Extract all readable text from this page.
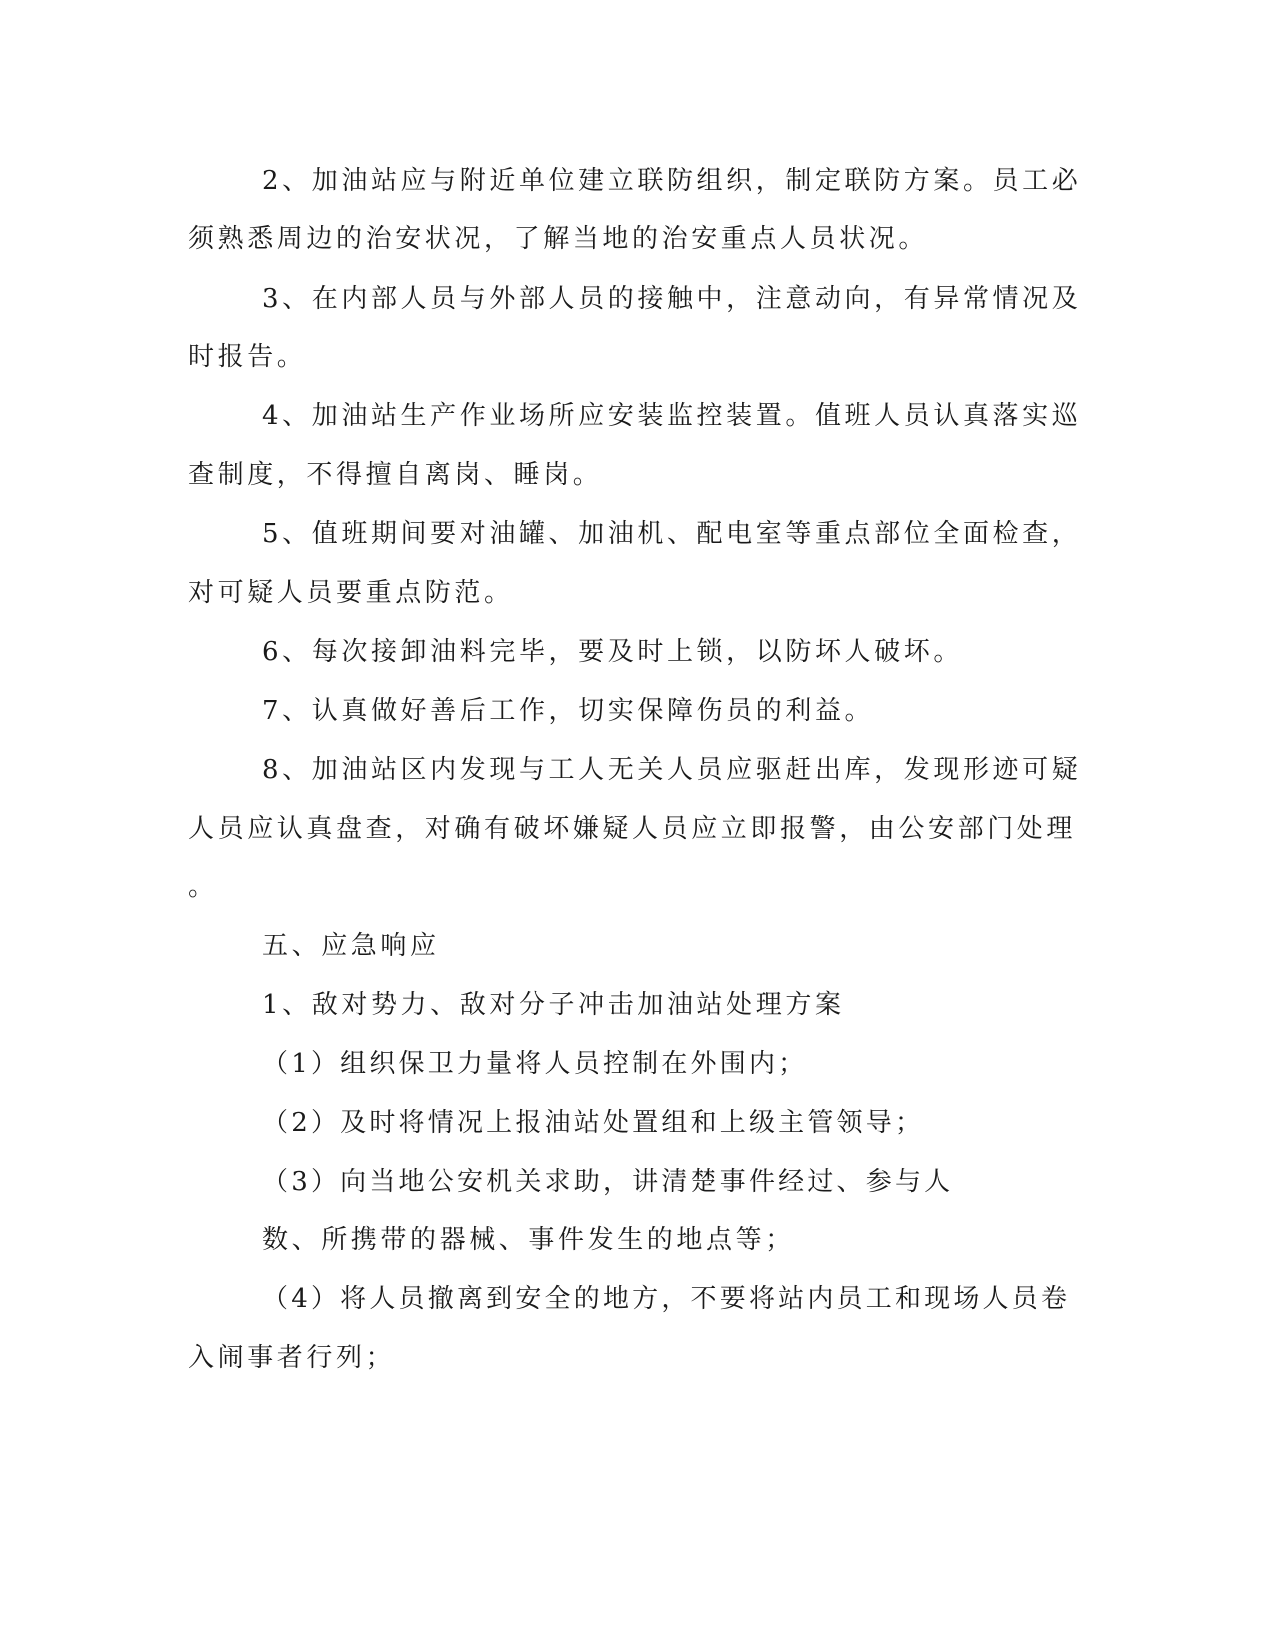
2、加油站应与附近单位建立联防组织，制定联防方案。员工必

须熟悉周边的治安状况，了解当地的治安重点人员状况。

3、在内部人员与外部人员的接触中，注意动向，有异常情况及

时报告。

4、加油站生产作业场所应安装监控装置。值班人员认真落实巡

查制度，不得擅自离岗、睡岗。

5、值班期间要对油罐、加油机、配电室等重点部位全面检查，

对可疑人员要重点防范。

6、每次接卸油料完毕，要及时上锁，以防坏人破坏。

7、认真做好善后工作，切实保障伤员的利益。

8、加油站区内发现与工人无关人员应驱赶出库，发现形迹可疑

人员应认真盘查，对确有破坏嫌疑人员应立即报警，由公安部门处理

。

五、应急响应

1、敌对势力、敌对分子冲击加油站处理方案

（1）组织保卫力量将人员控制在外围内；

（2）及时将情况上报油站处置组和上级主管领导；

（3）向当地公安机关求助，讲清楚事件经过、参与人

数、所携带的器械、事件发生的地点等；

（4）将人员撤离到安全的地方，不要将站内员工和现场人员卷

入闹事者行列；
